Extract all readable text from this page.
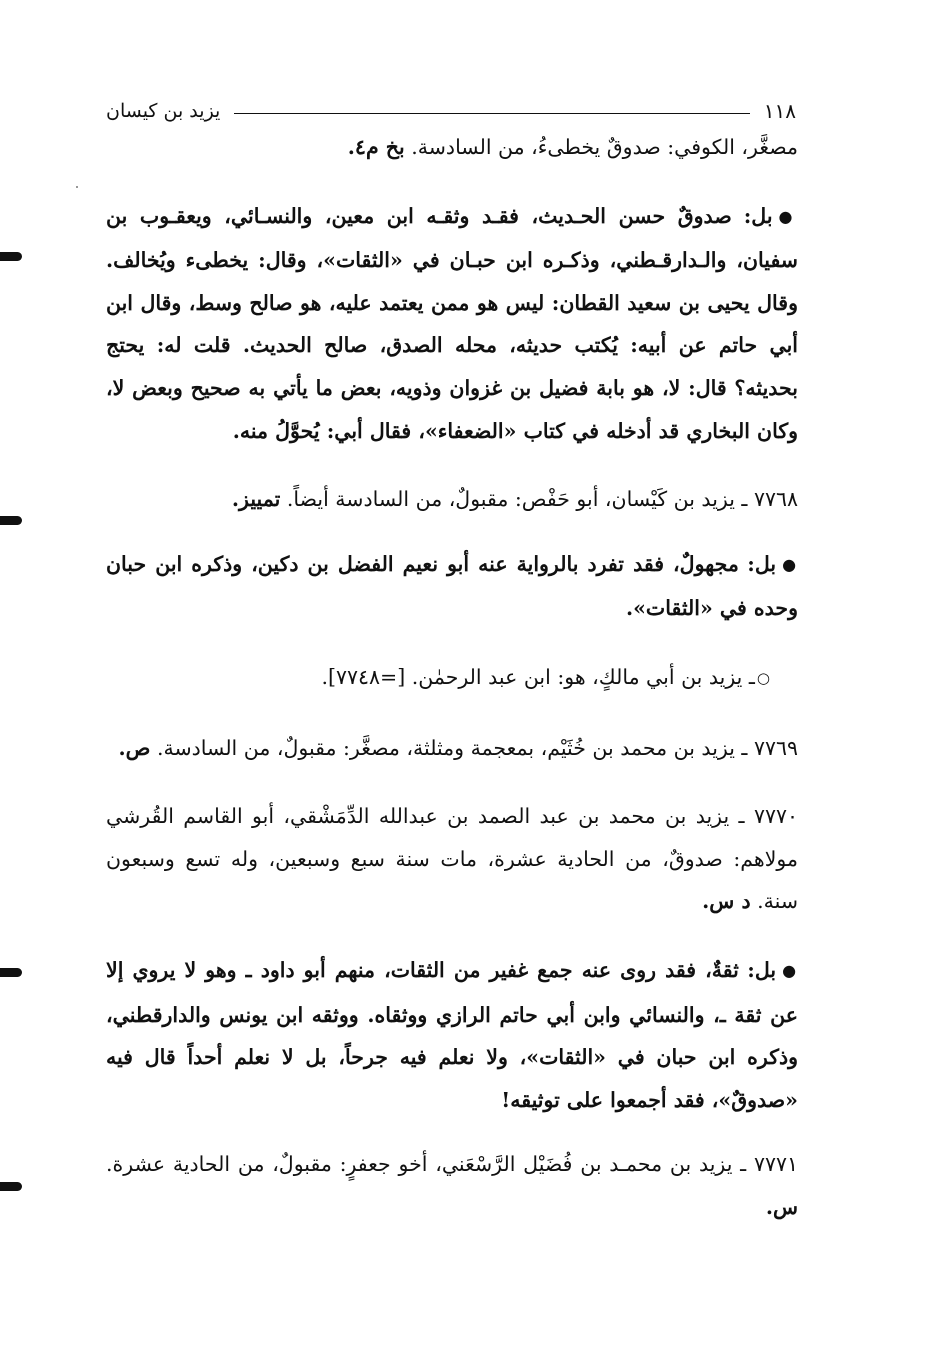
يزيد بن كيسان	١١٨

مصغَّر، الكوفي: صدوقٌ يخطىءُ، من السادسة. بخ م٤.

●بل: صدوقٌ حسن الحـديث، فقـد وثقـه ابن معين، والنسـائي، ويعقـوب بن سفيان، والـدارقـطني، وذكـره ابن حبـان في «الثقات»، وقال: يخطىء ويُخالف. وقال يحيى بن سعيد القطان: ليس هو ممن يعتمد عليه، هو صالح وسط، وقال ابن أبي حاتم عن أبيه: يُكتب حديثه، محله الصدق، صالح الحديث. قلت له: يحتج بحديثه؟ قال: لا، هو بابة فضيل بن غزوان وذويه، بعض ما يأتي به صحيح وبعض لا، وكان البخاري قد أدخله في كتاب «الضعفاء»، فقال أبي: يُحوَّلُ منه.

٧٧٦٨ ـ يزيد بن كَيْسان، أبو حَفْص: مقبولٌ، من السادسة أيضاً. تمييز.

●بل: مجهولٌ، فقد تفرد بالرواية عنه أبو نعيم الفضل بن دكين، وذكره ابن حبان وحده في «الثقات».

○ـ يزيد بن أبي مالكٍ، هو: ابن عبد الرحمٰن. [=٧٧٤٨].

٧٧٦٩ ـ يزيد بن محمد بن خُثَيْم، بمعجمة ومثلثة، مصغَّر: مقبولٌ، من السادسة. ص.

٧٧٧٠ ـ يزيد بن محمد بن عبد الصمد بن عبدالله الدِّمَشْقي، أبو القاسم القُرشي مولاهم: صدوقٌ، من الحادية عشرة، مات سنة سبع وسبعين، وله تسع وسبعون سنة. د س.

●بل: ثقةٌ، فقد روى عنه جمع غفير من الثقات، منهم أبو داود ـ وهو لا يروي إلا عن ثقة ـ، والنسائي وابن أبي حاتم الرازي ووثقاه. ووثقه ابن يونس والدارقطني، وذكره ابن حبان في «الثقات»، ولا نعلم فيه جرحاً، بل لا نعلم أحداً قال فيه «صدوقٌ»، فقد أجمعوا على توثيقه!

٧٧٧١ ـ يزيد بن محمـد بن فُضَيْل الرَّسْعَني، أخو جعفرٍ: مقبولٌ، من الحادية عشرة. س.
